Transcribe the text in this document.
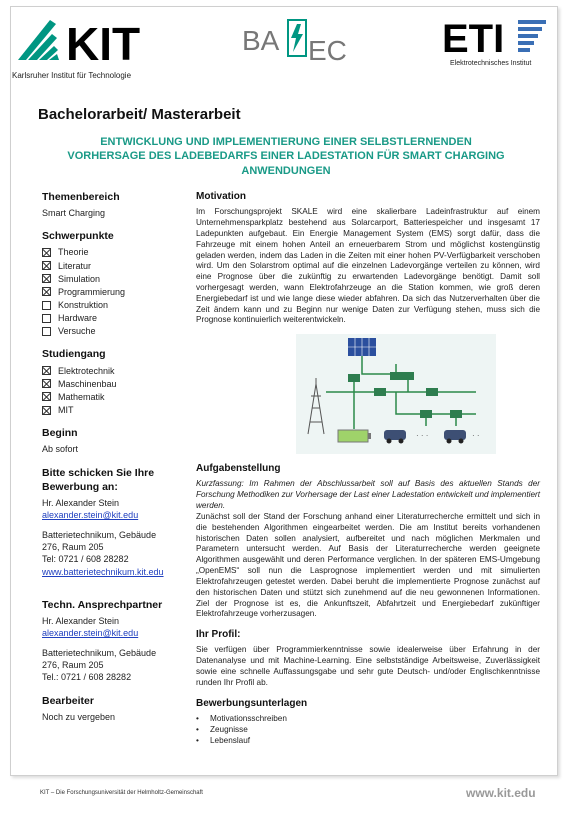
KIT
Karlsruher Institut für Technologie
BA EC ETI
Elektrotechnisches Institut
Bachelorarbeit/ Masterarbeit
ENTWICKLUNG UND IMPLEMENTIERUNG EINER SELBSTLERNENDEN
VORHERSAGE DES LADEBEDARFS EINER LADESTATION FÜR SMART CHARGING
ANWENDUNGEN
Themenbereich
Smart Charging
Schwerpunkte
Theorie
Literatur
Simulation
Programmierung
Konstruktion
Hardware
Versuche
Studiengang
Elektrotechnik
Maschinenbau
Mathematik
MIT
Beginn
Ab sofort
Bitte schicken Sie Ihre
Bewerbung an:
Hr. Alexander Stein
alexander.stein@kit.edu
Batterietechnikum, Gebäude
276, Raum 205
Tel: 0721 / 608 28282
www.batterietechnikum.kit.edu
Techn. Ansprechpartner
Hr. Alexander Stein
alexander.stein@kit.edu
Batterietechnikum, Gebäude
276, Raum 205
Tel.: 0721 / 608 28282
Bearbeiter
Noch zu vergeben
Motivation

Im Forschungsprojekt SKALE wird eine skalierbare Ladeinfrastruktur auf einem Unternehmensparkplatz bestehend aus Solarcarport, Batteriespeicher und insgesamt 17 Ladepunkten aufgebaut. Ein Energie Management System (EMS) sorgt dafür, dass die Fahrzeuge mit einem hohen Anteil an erneuerbarem Strom und möglichst kostengünstig geladen werden, indem das Laden in die Zeiten mit einer hohen PV-Verfügbarkeit verschoben wird. Um den Solarstrom optimal auf die einzelnen Ladevorgänge verteilen zu können, wird eine Prognose über die zukünftig zu erwartenden Ladevorgänge benötigt. Damit soll vorhergesagt werden, wann Elektrofahrzeuge an die Station kommen, wie groß deren Energiebedarf ist und wie lange diese wieder abfahren. Da sich das Nutzerverhalten über die Zeit ändern kann und zu Beginn nur wenige Daten zur Verfügung stehen, muss sich die Prognose kontinuierlich weiterentwickeln.

· · ·	· ·
Aufgabenstellung

Kurzfassung: Im Rahmen der Abschlussarbeit soll auf Basis des aktuellen Stands der Forschung Methodiken zur Vorhersage der Last einer Ladestation entwickelt und implementiert werden.

Zunächst soll der Stand der Forschung anhand einer Literaturrecherche ermittelt und sich in die bestehenden Algorithmen eingearbeitet werden. Die am Institut bereits vorhandenen historischen Daten sollen analysiert, aufbereitet und nach möglichen Merkmalen und Parametern untersucht werden. Auf Basis der Literaturrecherche werden geeignete Algorithmen ausgewählt und deren Performance verglichen. In der späteren EMS-Umgebung „OpenEMS“ soll nun die Lasprognose implementiert werden und mit simulierten Elektrofahrzeugen getestet werden. Dabei beruht die implementierte Prognose zunächst auf den historischen Daten und stützt sich zunehmend auf die neu gewonnenen Informationen. Ziel der Prognose ist es, die Ankunftszeit, Abfahrtzeit und Energiebedarf zukünftiger Elektrofahrzeuge vorherzusagen.

Ihr Profil:

Sie verfügen über Programmierkenntnisse sowie idealerweise über Erfahrung in der Datenanalyse und mit Machine-Learning. Eine selbstständige Arbeitsweise, Zuverlässigkeit sowie eine schnelle Auffassungsgabe und sehr gute Deutsch- und/oder Englischkenntnisse runden Ihr Profil ab.

Bewerbungsunterlagen
• Motivationsschreiben
• Zeugnisse
• Lebenslauf
KIT – Die Forschungsuniversität der Helmholtz-Gemeinschaft	www.kit.edu
